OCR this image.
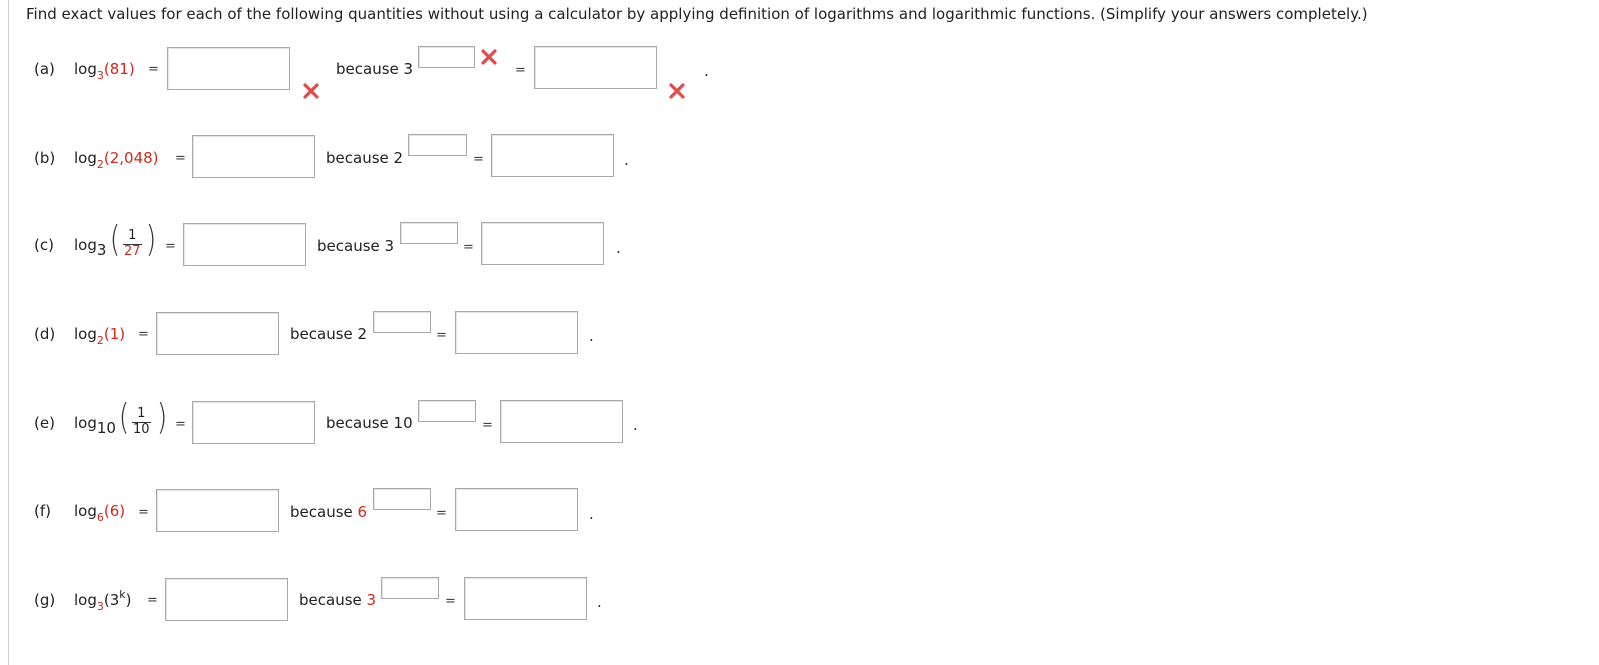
Find exact values for each of the following quantities without using a calculator by applying definition of logarithms and logarithmic functions. (Simplify your answers completely.)
(a) $\log_3(81)$ =	because 3	=	.
(b) $\log_2(2,048)$ =	because 2	=	.
(c) log3 ( 1
27 ) =	because 3	=	.
(d) $\log_2(1)$ =	because 2	=	.
(e) log10 ( 1
10 ) =	because 10	=	.
(f) $\log_6(6)$ =	because 6	=	.
(g) $\log_3(3^k)$ =	because 3	=	.
